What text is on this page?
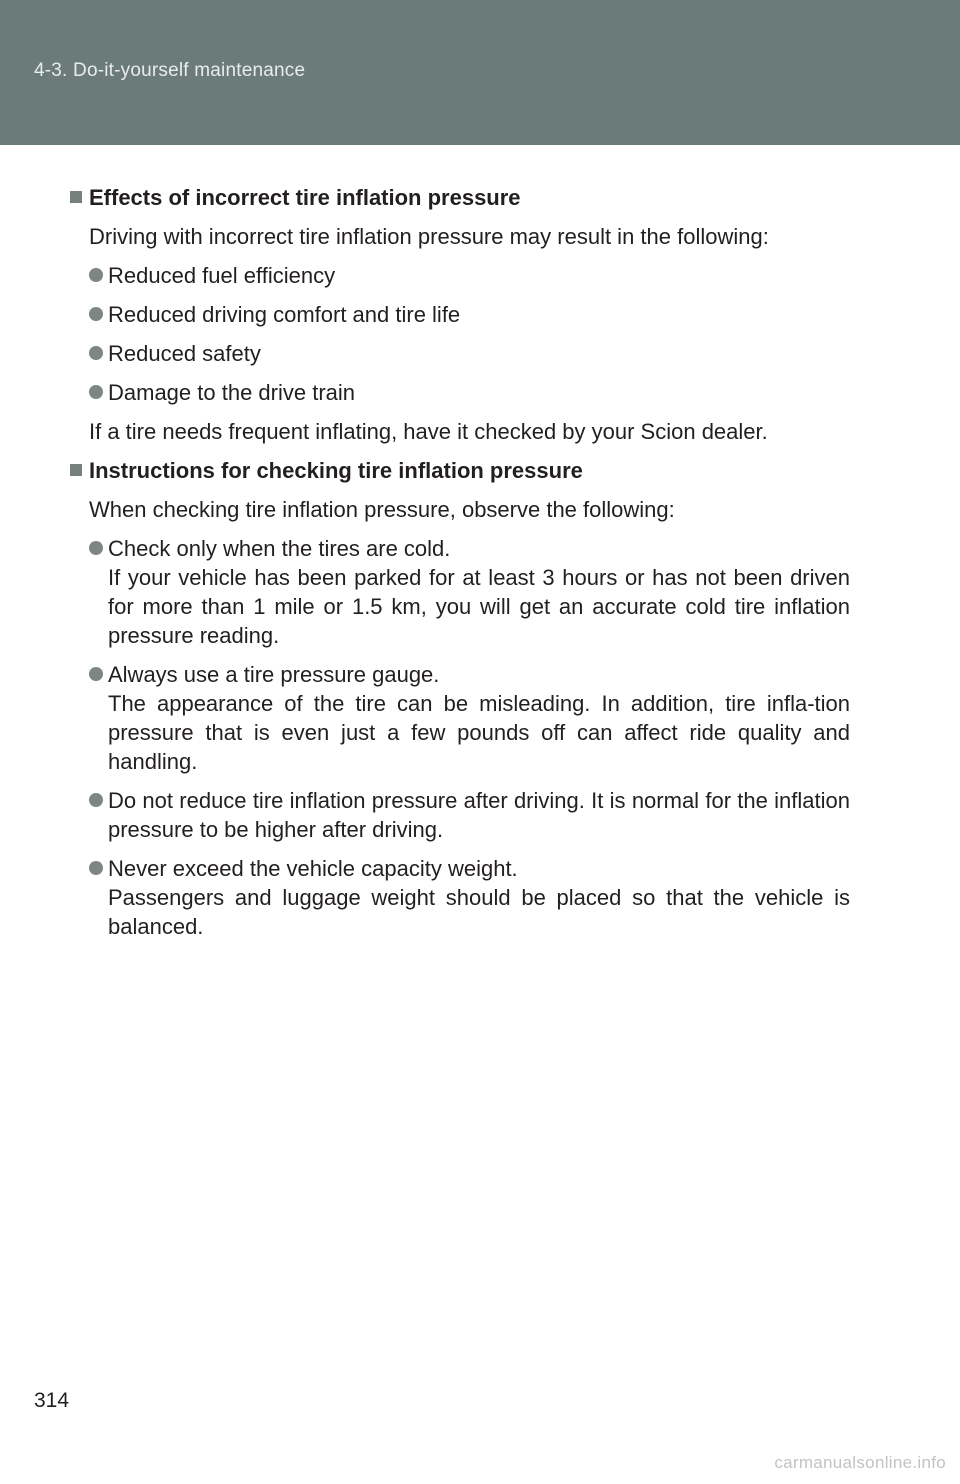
4-3. Do-it-yourself maintenance
Effects of incorrect tire inflation pressure
Driving with incorrect tire inflation pressure may result in the following:
Reduced fuel efficiency
Reduced driving comfort and tire life
Reduced safety
Damage to the drive train
If a tire needs frequent inflating, have it checked by your Scion dealer.
Instructions for checking tire inflation pressure
When checking tire inflation pressure, observe the following:
Check only when the tires are cold.
If your vehicle has been parked for at least 3 hours or has not been driven for more than 1 mile or 1.5 km, you will get an accurate cold tire inflation pressure reading.
Always use a tire pressure gauge.
The appearance of the tire can be misleading. In addition, tire infla-tion pressure that is even just a few pounds off can affect ride quality and handling.
Do not reduce tire inflation pressure after driving. It is normal for the inflation pressure to be higher after driving.
Never exceed the vehicle capacity weight.
Passengers and luggage weight should be placed so that the vehicle is balanced.
314
carmanualsonline.info
